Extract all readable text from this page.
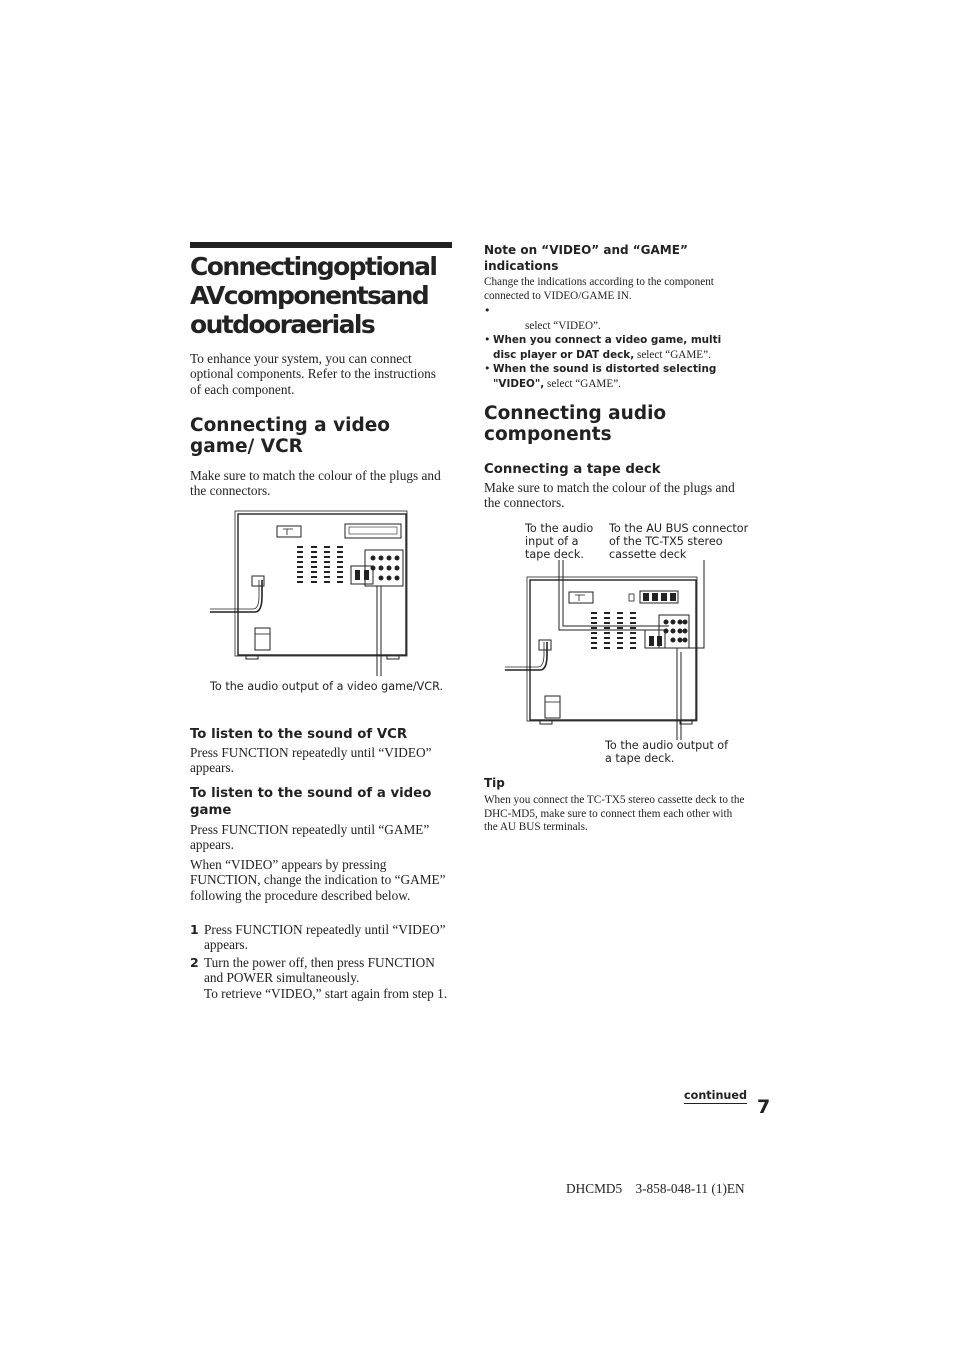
Connectingoptional
AVcomponentsand
outdooraerials

To enhance your system, you can connect optional components. Refer to the instructions of each component.

Connecting a video game/ VCR

Make sure to match the colour of the plugs and the connectors.

To the audio output of a video game/VCR.

To listen to the sound of VCR

Press FUNCTION repeatedly until “VIDEO” appears.

To listen to the sound of a video game

Press FUNCTION repeatedly until “GAME” appears.

When “VIDEO” appears by pressing FUNCTION, change the indication to “GAME” following the procedure described below.

1 Press FUNCTION repeatedly until “VIDEO” appears.
2 Turn the power off, then press FUNCTION and POWER simultaneously.
To retrieve “VIDEO,” start again from step 1.
Note on “VIDEO” and “GAME” indications

Change the indications according to the component connected to VIDEO/GAME IN.

• select “VIDEO”.
• When you connect a video game, multi disc player or DAT deck, select “GAME”.
• When the sound is distorted selecting "VIDEO", select “GAME”.
Connecting audio components
Connecting a tape deck

Make sure to match the colour of the plugs and the connectors.

To the audio input of a tape deck.

To the AU BUS connector of the TC-TX5 stereo cassette deck

To the audio output of a tape deck.

Tip

When you connect the TC-TX5 stereo cassette deck to the DHC-MD5, make sure to connect them each other with the AU BUS terminals.

continued
7
DHCMD5    3-858-048-11 (1)EN
